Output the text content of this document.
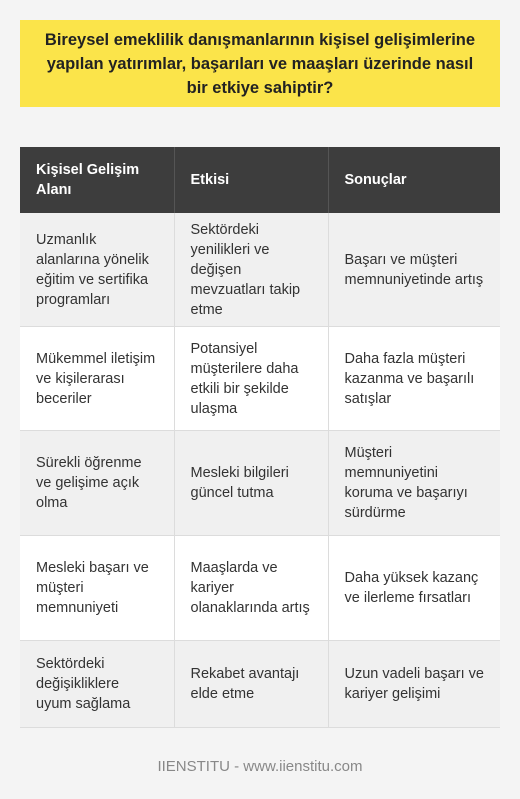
Bireysel emeklilik danışmanlarının kişisel gelişimlerine yapılan yatırımlar, başarıları ve maaşları üzerinde nasıl bir etkiye sahiptir?
Kişisel Gelişim Alanı	Etkisi	Sonuçlar
Uzmanlık alanlarına yönelik eğitim ve sertifika programları	Sektördeki yenilikleri ve değişen mevzuatları takip etme	Başarı ve müşteri memnuniyetinde artış
Mükemmel iletişim ve kişilerarası beceriler	Potansiyel müşterilere daha etkili bir şekilde ulaşma	Daha fazla müşteri kazanma ve başarılı satışlar
Sürekli öğrenme ve gelişime açık olma	Mesleki bilgileri güncel tutma	Müşteri memnuniyetini koruma ve başarıyı sürdürme
Mesleki başarı ve müşteri memnuniyeti	Maaşlarda ve kariyer olanaklarında artış	Daha yüksek kazanç ve ilerleme fırsatları
Sektördeki değişikliklere uyum sağlama	Rekabet avantajı elde etme	Uzun vadeli başarı ve kariyer gelişimi
IIENSTITU - www.iienstitu.com
